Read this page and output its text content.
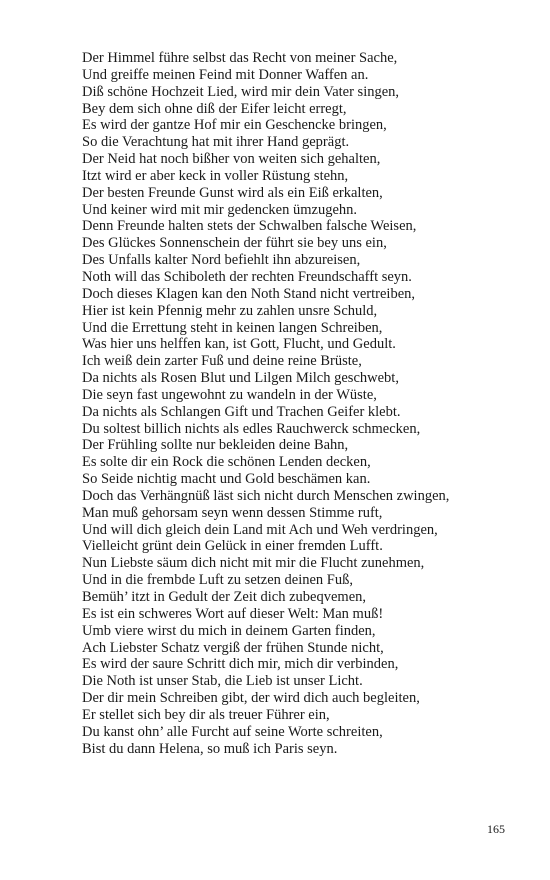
Der Himmel führe selbst das Recht von meiner Sache,
Und greiffe meinen Feind mit Donner Waffen an.
Diß schöne Hochzeit Lied, wird mir dein Vater singen,
Bey dem sich ohne diß der Eifer leicht erregt,
Es wird der gantze Hof mir ein Geschencke bringen,
So die Verachtung hat mit ihrer Hand geprägt.
Der Neid hat noch bißher von weiten sich gehalten,
Itzt wird er aber keck in voller Rüstung stehn,
Der besten Freunde Gunst wird als ein Eiß erkalten,
Und keiner wird mit mir gedencken ümzugehn.
Denn Freunde halten stets der Schwalben falsche Weisen,
Des Glückes Sonnenschein der führt sie bey uns ein,
Des Unfalls kalter Nord befiehlt ihn abzureisen,
Noth will das Schiboleth der rechten Freundschafft seyn.
Doch dieses Klagen kan den Noth Stand nicht vertreiben,
Hier ist kein Pfennig mehr zu zahlen unsre Schuld,
Und die Errettung steht in keinen langen Schreiben,
Was hier uns helffen kan, ist Gott, Flucht, und Gedult.
Ich weiß dein zarter Fuß und deine reine Brüste,
Da nichts als Rosen Blut und Lilgen Milch geschwebt,
Die seyn fast ungewohnt zu wandeln in der Wüste,
Da nichts als Schlangen Gift und Trachen Geifer klebt.
Du soltest billich nichts als edles Rauchwerck schmecken,
Der Frühling sollte nur bekleiden deine Bahn,
Es solte dir ein Rock die schönen Lenden decken,
So Seide nichtig macht und Gold beschämen kan.
Doch das Verhängnüß läst sich nicht durch Menschen zwingen,
Man muß gehorsam seyn wenn dessen Stimme ruft,
Und will dich gleich dein Land mit Ach und Weh verdringen,
Vielleicht grünt dein Gelück in einer fremden Lufft.
Nun Liebste säum dich nicht mit mir die Flucht zunehmen,
Und in die frembde Luft zu setzen deinen Fuß,
Bemüh’ itzt in Gedult der Zeit dich zubeqvemen,
Es ist ein schweres Wort auf dieser Welt: Man muß!
Umb viere wirst du mich in deinem Garten finden,
Ach Liebster Schatz vergiß der frühen Stunde nicht,
Es wird der saure Schritt dich mir, mich dir verbinden,
Die Noth ist unser Stab, die Lieb ist unser Licht.
Der dir mein Schreiben gibt, der wird dich auch begleiten,
Er stellet sich bey dir als treuer Führer ein,
Du kanst ohn’ alle Furcht auf seine Worte schreiten,
Bist du dann Helena, so muß ich Paris seyn.
165
